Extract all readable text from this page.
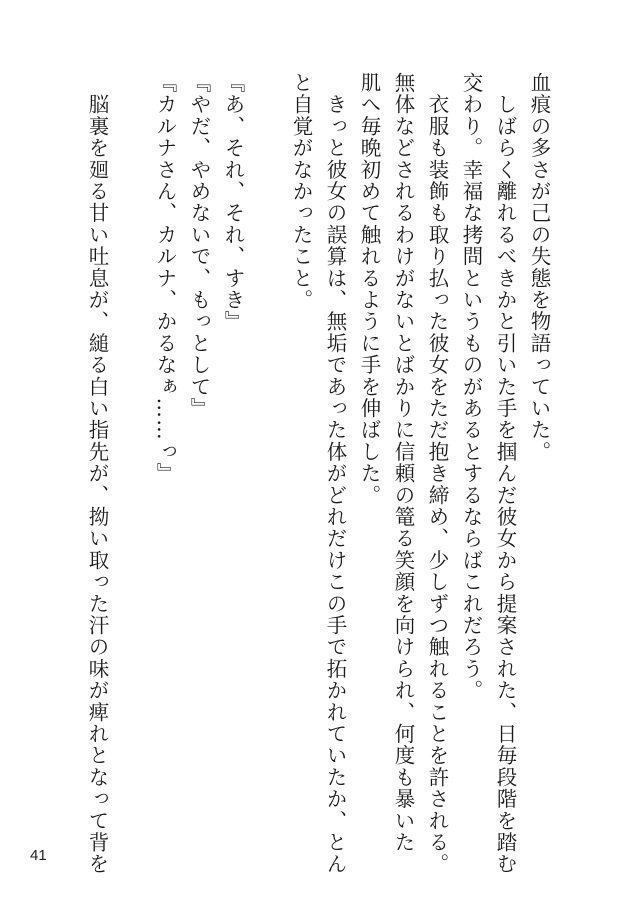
血痕の多さが己の失態を物語っていた。
　しばらく離れるべきかと引いた手を掴んだ彼女から提案された、日毎段階を踏む
交わり。幸福な拷問というものがあるとするならばこれだろう。
　衣服も装飾も取り払った彼女をただ抱き締め、少しずつ触れることを許される。
無体などされるわけがないとばかりに信頼の篭る笑顔を向けられ、何度も暴いた
肌へ毎晩初めて触れるように手を伸ばした。
　きっと彼女の誤算は、無垢であった体がどれだけこの手で拓かれていたか、とん
と自覚がなかったこと。
『あ、それ、それ、すき』
『やだ、やめないで、もっとして』
『カルナさん、カルナ、かるなぁ……っ』
　脳裏を廻る甘い吐息が、縋る白い指先が、拗い取った汗の味が痺れとなって背を
41
